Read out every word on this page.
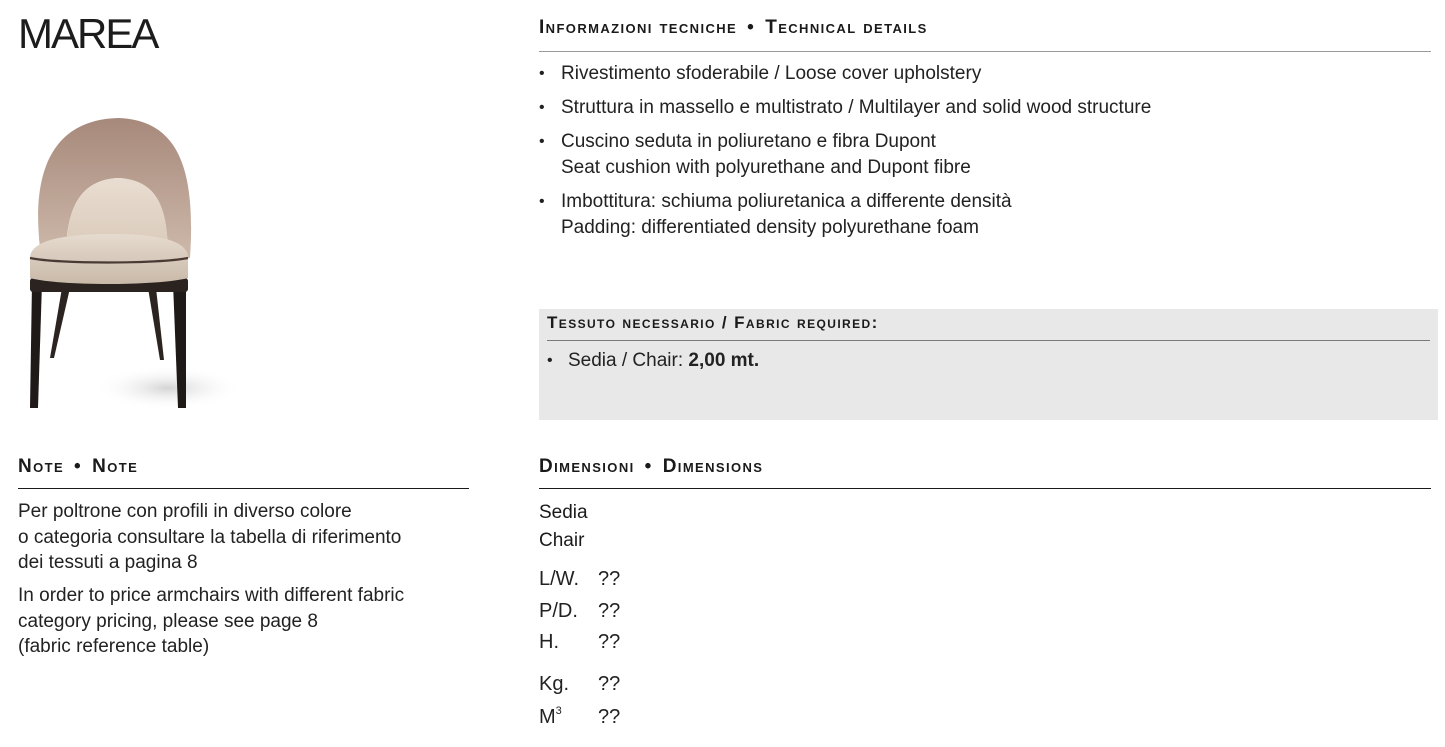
MAREA	Informazioni tecniche • Technical details
• Rivestimento sfoderabile / Loose cover upholstery
• Struttura in massello e multistrato / Multilayer and solid wood structure
• Cuscino seduta in poliuretano e fibra Dupont
Seat cushion with polyurethane and Dupont fibre
• Imbottitura: schiuma poliuretanica a differente densità
Padding: differentiated density polyurethane foam
Tessuto necessario / Fabric required:
• Sedia / Chair: 2,00 mt.
Note • Note
Per poltrone con profili in diverso colore
o categoria consultare la tabella di riferimento
dei tessuti a pagina 8
In order to price armchairs with different fabric
category pricing, please see page 8
(fabric reference table)
Dimensioni • Dimensions
Sedia
Chair
L/W. ??
P/D. ??
H. ??
Kg. ??
$M^3$ ??
